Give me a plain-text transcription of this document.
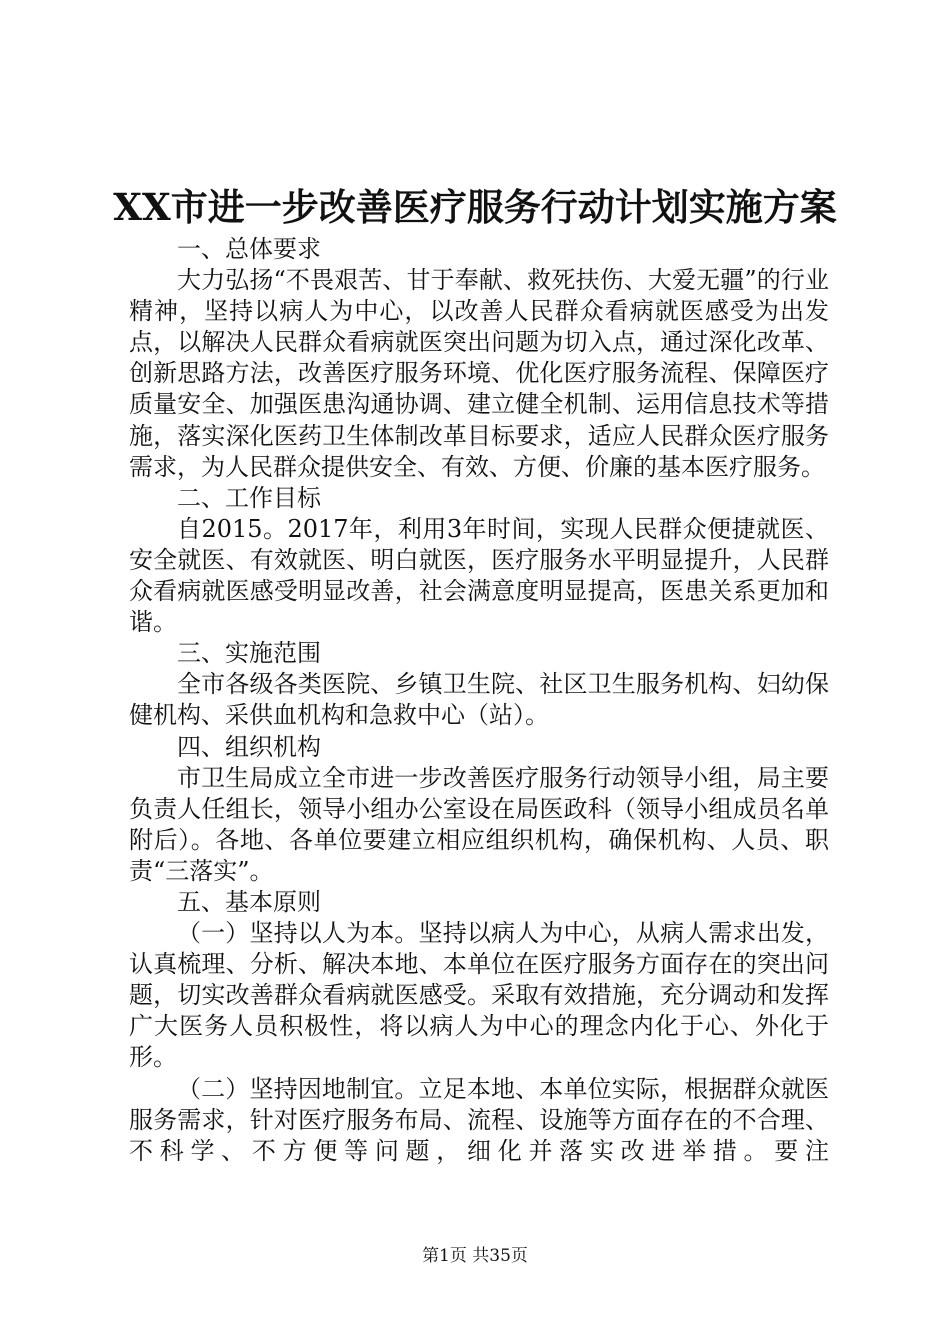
XX市进一步改善医疗服务行动计划实施方案

一、总体要求

大力弘扬“不畏艰苦、甘于奉献、救死扶伤、大爱无疆”的行业精神，坚持以病人为中心，以改善人民群众看病就医感受为出发点，以解决人民群众看病就医突出问题为切入点，通过深化改革、创新思路方法，改善医疗服务环境、优化医疗服务流程、保障医疗质量安全、加强医患沟通协调、建立健全机制、运用信息技术等措施，落实深化医药卫生体制改革目标要求，适应人民群众医疗服务需求，为人民群众提供安全、有效、方便、价廉的基本医疗服务。

二、工作目标

自2015。2017年，利用3年时间，实现人民群众便捷就医、安全就医、有效就医、明白就医，医疗服务水平明显提升，人民群众看病就医感受明显改善，社会满意度明显提高，医患关系更加和谐。

三、实施范围

全市各级各类医院、乡镇卫生院、社区卫生服务机构、妇幼保健机构、采供血机构和急救中心（站）。

四、组织机构

市卫生局成立全市进一步改善医疗服务行动领导小组，局主要负责人任组长，领导小组办公室设在局医政科（领导小组成员名单附后）。各地、各单位要建立相应组织机构，确保机构、人员、职责“三落实”。

五、基本原则

（一）坚持以人为本。坚持以病人为中心，从病人需求出发，认真梳理、分析、解决本地、本单位在医疗服务方面存在的突出问题，切实改善群众看病就医感受。采取有效措施，充分调动和发挥广大医务人员积极性，将以病人为中心的理念内化于心、外化于形。

（二）坚持因地制宜。立足本地、本单位实际，根据群众就医服务需求，针对医疗服务布局、流程、设施等方面存在的不合理、不科学、不方便等问题，细化并落实改进举措。要注

第1页 共35页
